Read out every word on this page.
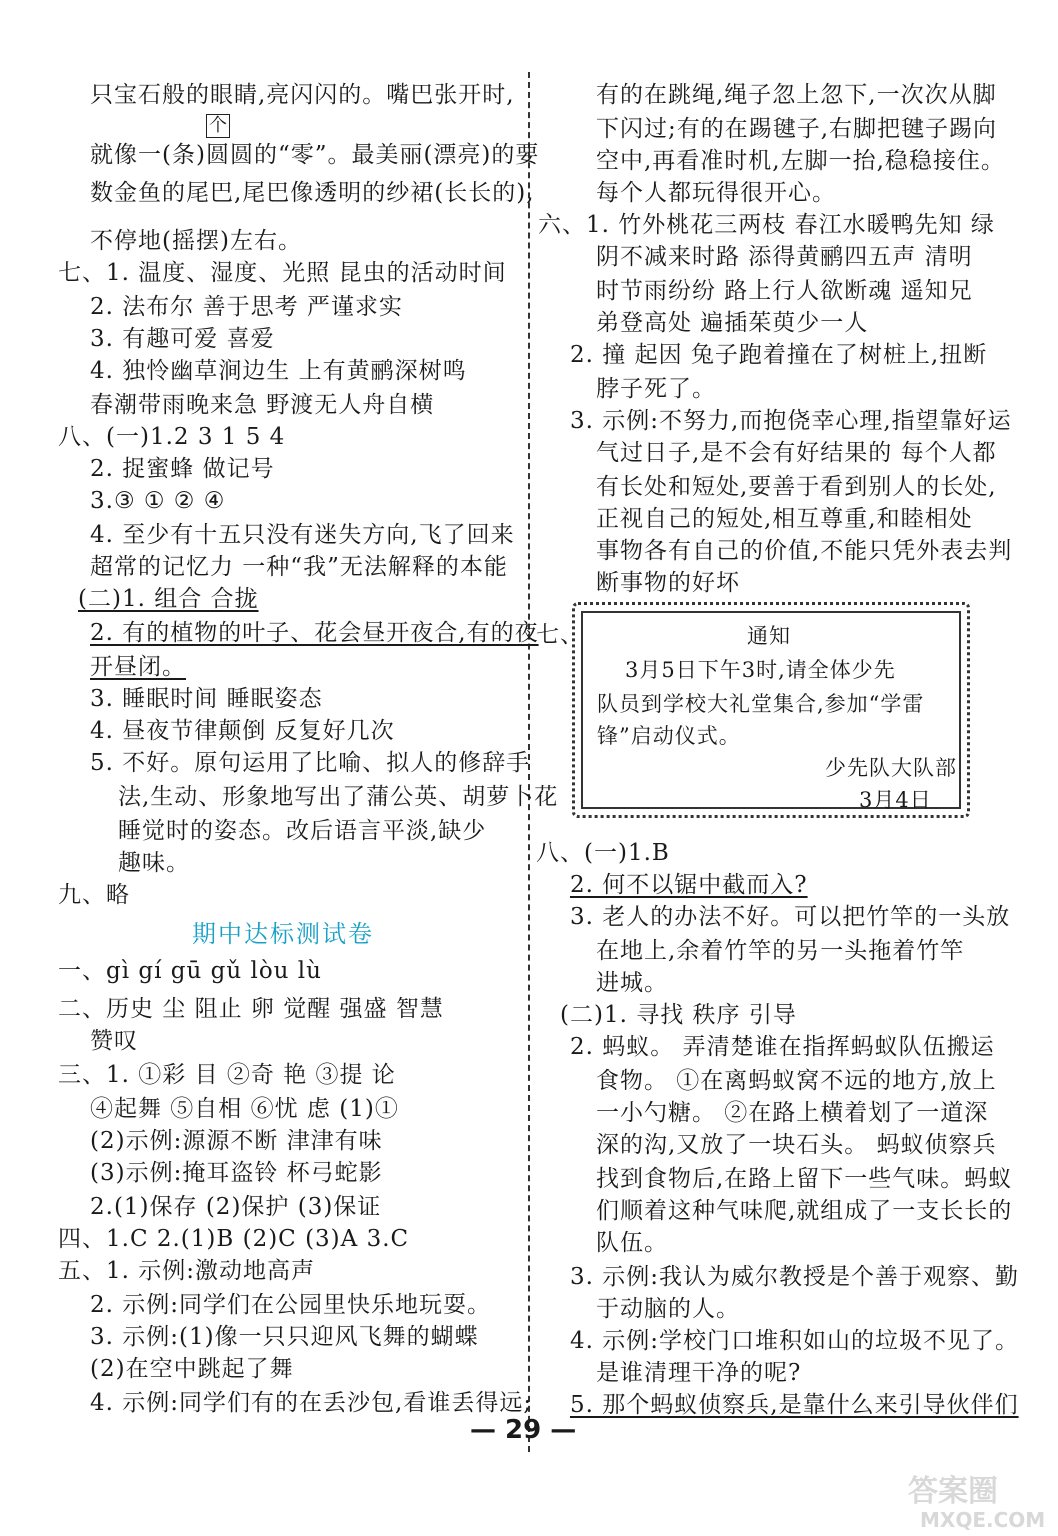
只宝石般的眼睛,亮闪闪的。嘴巴张开时,
个
就像一(条)圆圆的“零”。最美丽(漂亮)的要
数金鱼的尾巴,尾巴像透明的纱裙(长长的),
不停地(摇摆)左右。
七、1. 温度、湿度、光照 昆虫的活动时间
2. 法布尔 善于思考 严谨求实
3. 有趣可爱 喜爱
4. 独怜幽草涧边生 上有黄鹂深树鸣
春潮带雨晚来急 野渡无人舟自横
八、(一)1.2 3 1 5 4
2. 捉蜜蜂 做记号
3.③ ① ② ④
4. 至少有十五只没有迷失方向,飞了回来
超常的记忆力 一种“我”无法解释的本能
(二)1. 组合 合拢
2. 有的植物的叶子、花会昼开夜合,有的夜
开昼闭。
3. 睡眠时间 睡眠姿态
4. 昼夜节律颠倒 反复好几次
5. 不好。原句运用了比喻、拟人的修辞手
法,生动、形象地写出了蒲公英、胡萝卜花
睡觉时的姿态。改后语言平淡,缺少
趣味。
九、略
期中达标测试卷
一、gì gí gū gǔ lòu lù
二、历史 尘 阻止 卵 觉醒 强盛 智慧
赞叹
三、1. ①彩 目 ②奇 艳 ③提 论
④起舞 ⑤自相 ⑥忧 虑 (1)①
(2)示例:源源不断 津津有味
(3)示例:掩耳盗铃 杯弓蛇影
2.(1)保存 (2)保护 (3)保证
四、1.C 2.(1)B (2)C (3)A 3.C
五、1. 示例:激动地高声
2. 示例:同学们在公园里快乐地玩耍。
3. 示例:(1)像一只只迎风飞舞的蝴蝶
(2)在空中跳起了舞
4. 示例:同学们有的在丢沙包,看谁丢得远;
有的在跳绳,绳子忽上忽下,一次次从脚
下闪过;有的在踢毽子,右脚把毽子踢向
空中,再看准时机,左脚一抬,稳稳接住。
每个人都玩得很开心。
六、1. 竹外桃花三两枝 春江水暖鸭先知 绿
阴不减来时路 添得黄鹂四五声 清明
时节雨纷纷 路上行人欲断魂 遥知兄
弟登高处 遍插茱萸少一人
2. 撞 起因 兔子跑着撞在了树桩上,扭断
脖子死了。
3. 示例:不努力,而抱侥幸心理,指望靠好运
气过日子,是不会有好结果的 每个人都
有长处和短处,要善于看到别人的长处,
正视自己的短处,相互尊重,和睦相处
事物各有自己的价值,不能只凭外表去判
断事物的好坏
七、
八、(一)1.B
2. 何不以锯中截而入?
3. 老人的办法不好。可以把竹竿的一头放
在地上,余着竹竿的另一头拖着竹竿
进城。
(二)1. 寻找 秩序 引导
2. 蚂蚁。 弄清楚谁在指挥蚂蚁队伍搬运
食物。 ①在离蚂蚁窝不远的地方,放上
一小勺糖。 ②在路上横着划了一道深
深的沟,又放了一块石头。 蚂蚁侦察兵
找到食物后,在路上留下一些气味。蚂蚁
们顺着这种气味爬,就组成了一支长长的
队伍。
3. 示例:我认为威尔教授是个善于观察、勤
于动脑的人。
4. 示例:学校门口堆积如山的垃圾不见了。
是谁清理干净的呢?
5. 那个蚂蚁侦察兵,是靠什么来引导伙伴们
通知
3月5日下午3时,请全体少先
队员到学校大礼堂集合,参加“学雷
锋”启动仪式。
少先队大队部
3月4日
— 29 —
答案圈
MXQE.COM
